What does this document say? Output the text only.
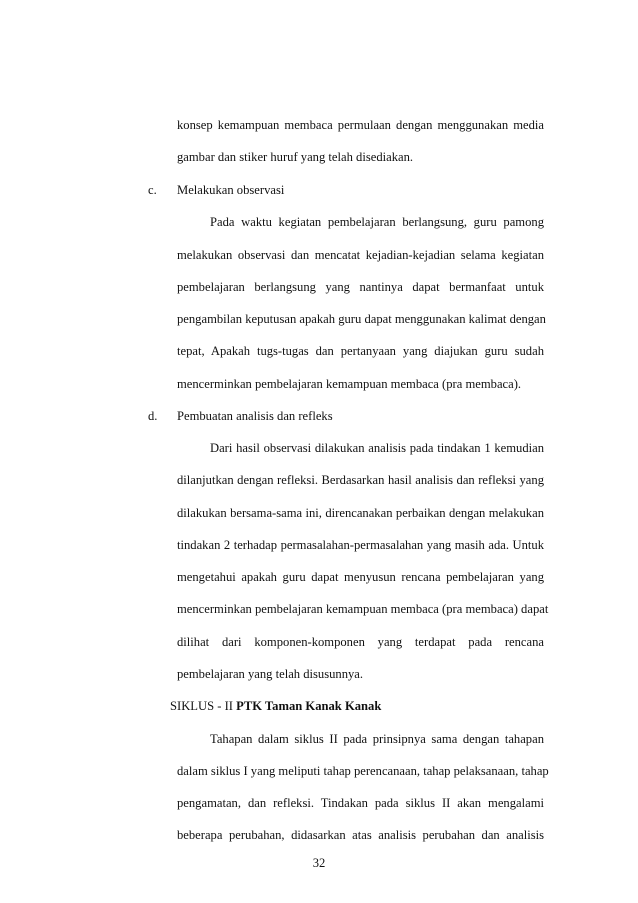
konsep kemampuan membaca permulaan dengan menggunakan media
gambar dan stiker huruf yang telah disediakan.
c. Melakukan observasi
Pada waktu kegiatan pembelajaran berlangsung, guru pamong
melakukan observasi dan mencatat kejadian-kejadian selama kegiatan
pembelajaran berlangsung yang nantinya dapat bermanfaat untuk
pengambilan keputusan apakah guru dapat menggunakan kalimat dengan
tepat, Apakah tugs-tugas dan pertanyaan yang diajukan guru sudah
mencerminkan pembelajaran kemampuan membaca (pra membaca).
d. Pembuatan analisis dan refleks
Dari hasil observasi dilakukan analisis pada tindakan 1 kemudian
dilanjutkan dengan refleksi. Berdasarkan hasil analisis dan refleksi yang
dilakukan bersama-sama ini, direncanakan perbaikan dengan melakukan
tindakan 2 terhadap permasalahan-permasalahan yang masih ada. Untuk
mengetahui apakah guru dapat menyusun rencana pembelajaran yang
mencerminkan pembelajaran kemampuan membaca (pra membaca) dapat
dilihat dari komponen-komponen yang terdapat pada rencana
pembelajaran yang telah disusunnya.
SIKLUS - II PTK Taman Kanak Kanak
Tahapan dalam siklus II pada prinsipnya sama dengan tahapan
dalam siklus I yang meliputi tahap perencanaan, tahap pelaksanaan, tahap
pengamatan, dan refleksi. Tindakan pada siklus II akan mengalami
beberapa perubahan, didasarkan atas analisis perubahan dan analisis
32
